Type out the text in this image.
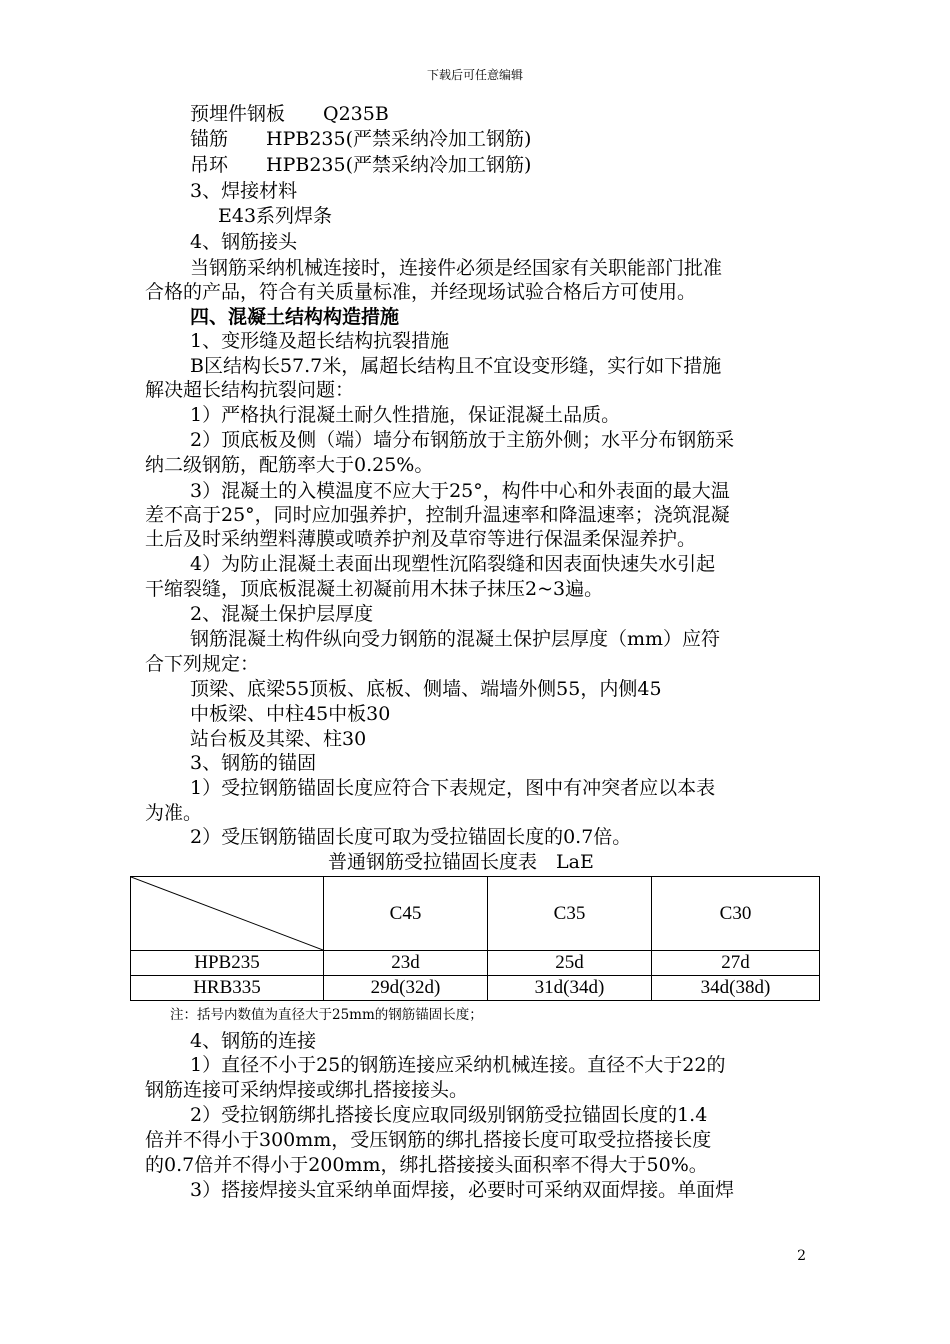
下载后可任意编辑
预埋件钢板　　Q235B
锚筋　　HPB235(严禁采纳冷加工钢筋)
吊环　　HPB235(严禁采纳冷加工钢筋)
3、焊接材料
E43系列焊条
4、钢筋接头
当钢筋采纳机械连接时，连接件必须是经国家有关职能部门批准
合格的产品，符合有关质量标准，并经现场试验合格后方可使用。
四、混凝土结构构造措施
1、变形缝及超长结构抗裂措施
B区结构长57.7米，属超长结构且不宜设变形缝，实行如下措施
解决超长结构抗裂问题：
1）严格执行混凝土耐久性措施，保证混凝土品质。
2）顶底板及侧（端）墙分布钢筋放于主筋外侧；水平分布钢筋采
纳二级钢筋，配筋率大于0.25%。
3）混凝土的入模温度不应大于25°，构件中心和外表面的最大温
差不高于25°，同时应加强养护，控制升温速率和降温速率；浇筑混凝
土后及时采纳塑料薄膜或喷养护剂及草帘等进行保温柔保湿养护。
4）为防止混凝土表面出现塑性沉陷裂缝和因表面快速失水引起
干缩裂缝，顶底板混凝土初凝前用木抹子抹压2~3遍。
2、混凝土保护层厚度
钢筋混凝土构件纵向受力钢筋的混凝土保护层厚度（mm）应符
合下列规定：
顶梁、底梁55顶板、底板、侧墙、端墙外侧55，内侧45
中板梁、中柱45中板30
站台板及其梁、柱30
3、钢筋的锚固
1）受拉钢筋锚固长度应符合下表规定，图中有冲突者应以本表
为准。
2）受压钢筋锚固长度可取为受拉锚固长度的0.7倍。
普通钢筋受拉锚固长度表　LaE
	C45	C35	C30
HPB235	23d	25d	27d
HRB335	29d(32d)	31d(34d)	34d(38d)
注：括号内数值为直径大于25mm的钢筋锚固长度；
4、钢筋的连接
1）直径不小于25的钢筋连接应采纳机械连接。直径不大于22的
钢筋连接可采纳焊接或绑扎搭接接头。
2）受拉钢筋绑扎搭接长度应取同级别钢筋受拉锚固长度的1.4
倍并不得小于300mm，受压钢筋的绑扎搭接长度可取受拉搭接长度
的0.7倍并不得小于200mm，绑扎搭接接头面积率不得大于50%。
3）搭接焊接头宜采纳单面焊接，必要时可采纳双面焊接。单面焊
2
